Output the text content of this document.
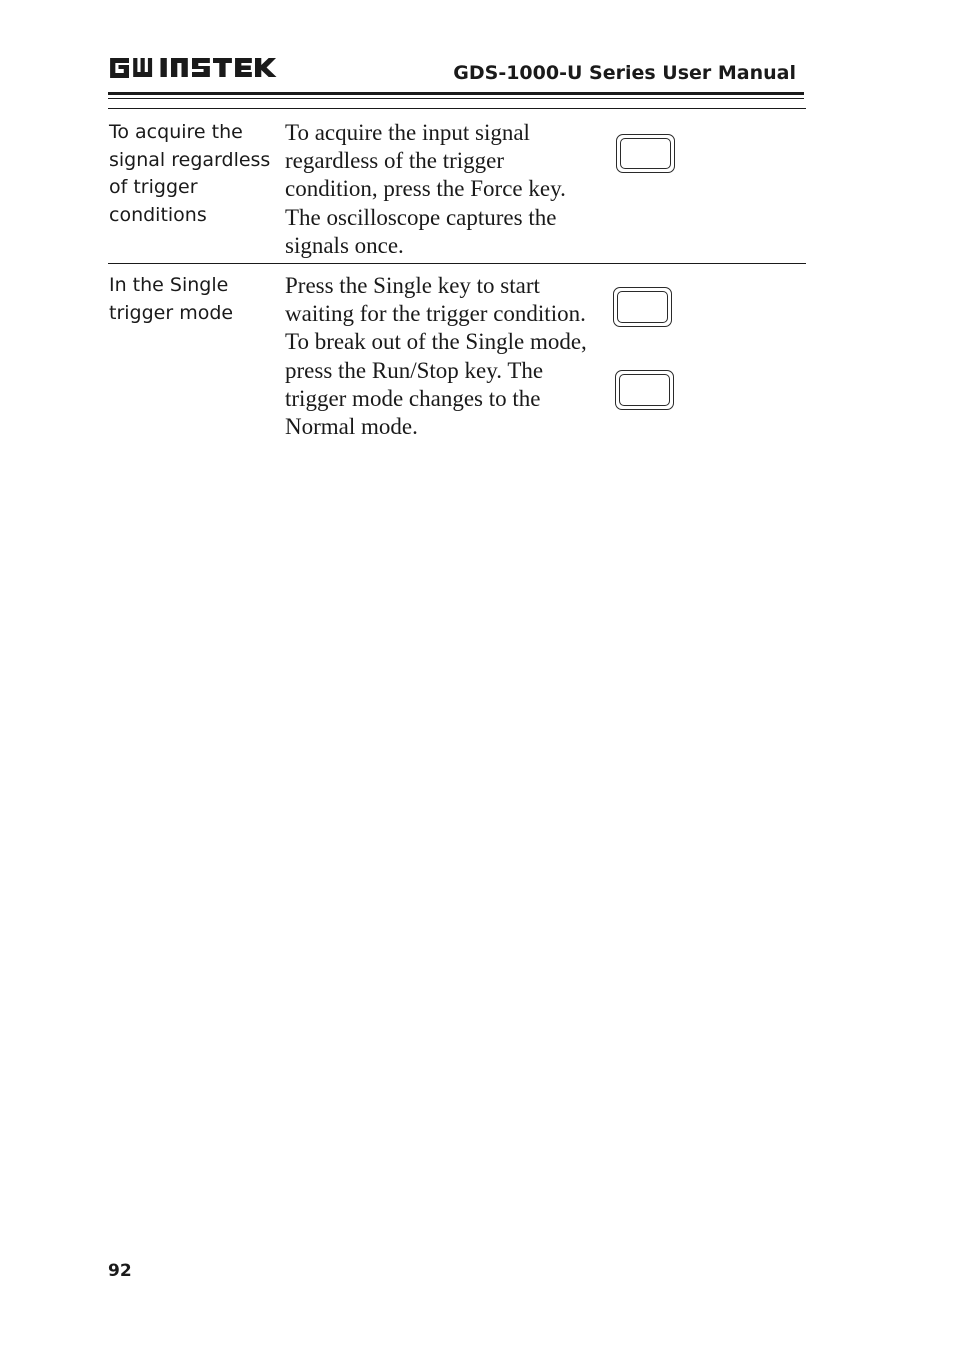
GDS-1000-U Series User Manual
To acquire the signal regardless of trigger conditions
To acquire the input signal regardless of the trigger condition, press the Force key. The oscilloscope captures the signals once.
In the Single trigger mode
Press the Single key to start waiting for the trigger condition. To break out of the Single mode, press the Run/Stop key. The trigger mode changes to the Normal mode.
92
